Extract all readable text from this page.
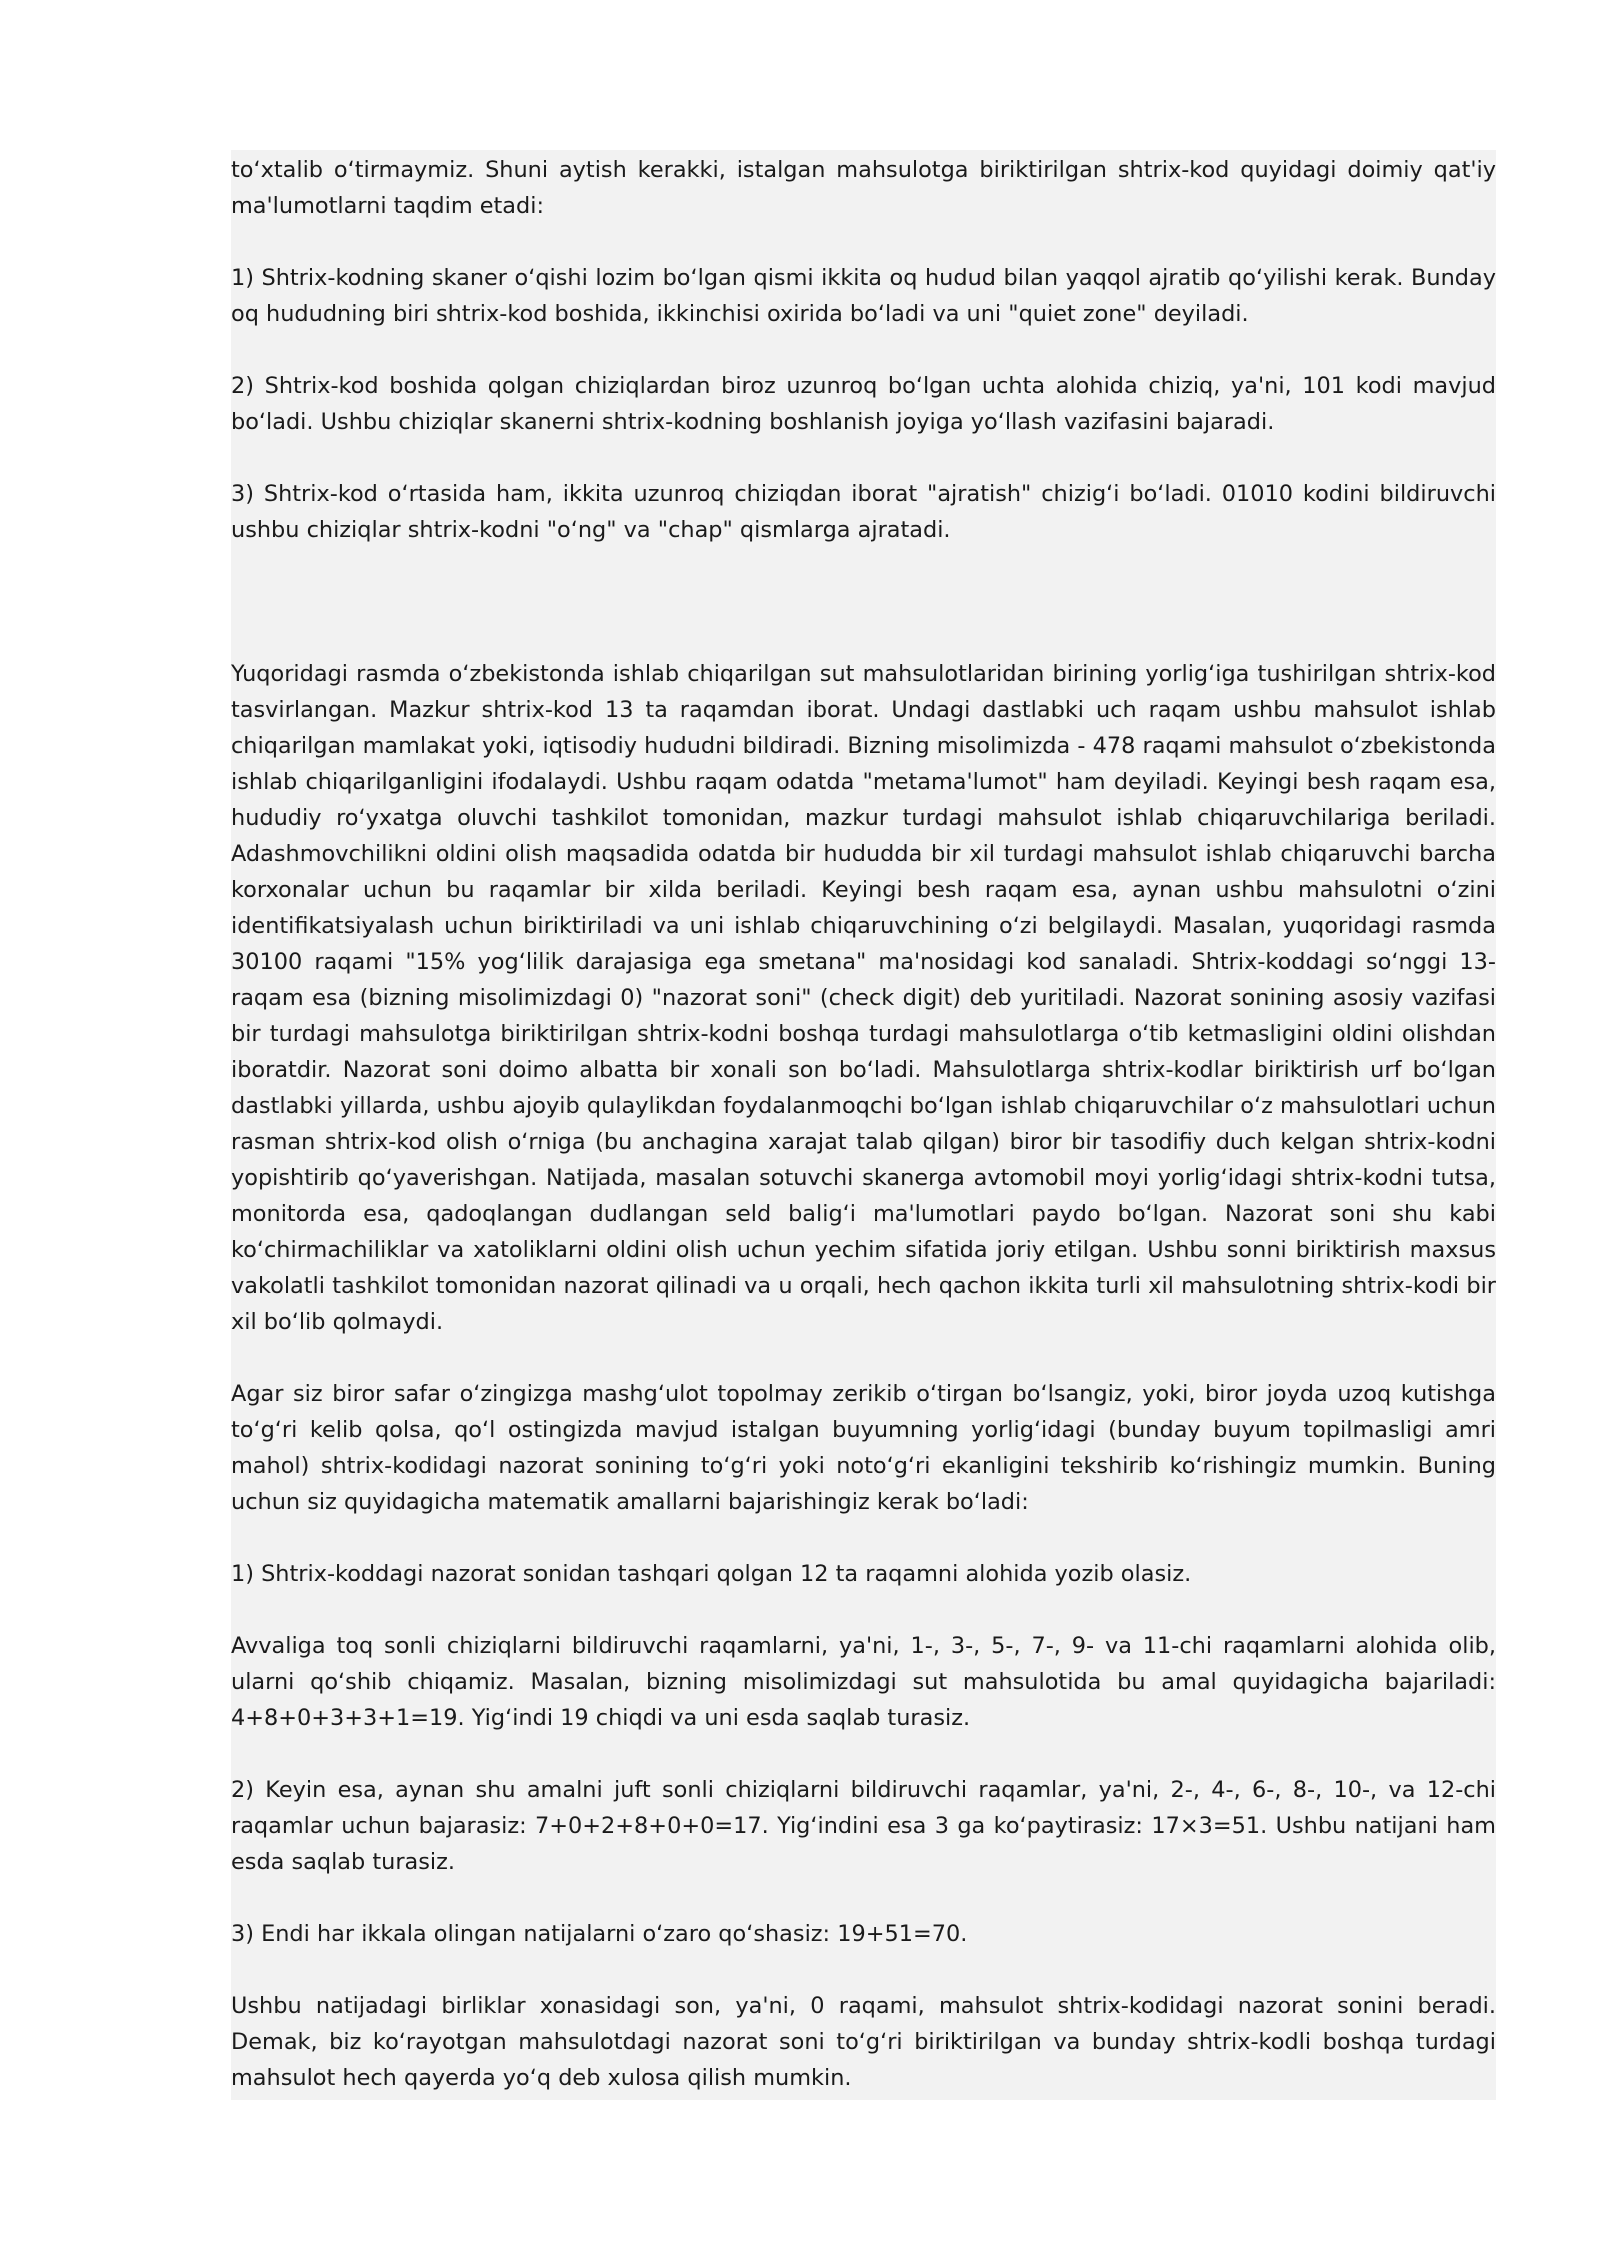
toʻxtalib oʻtirmaymiz. Shuni aytish kerakki, istalgan mahsulotga biriktirilgan shtrix-kod quyidagi doimiy qat'iy ma'lumotlarni taqdim etadi:

1) Shtrix-kodning skaner oʻqishi lozim boʻlgan qismi ikkita oq hudud bilan yaqqol ajratib qoʻyilishi kerak. Bunday oq hududning biri shtrix-kod boshida, ikkinchisi oxirida boʻladi va uni "quiet zone" deyiladi.

2) Shtrix-kod boshida qolgan chiziqlardan biroz uzunroq boʻlgan uchta alohida chiziq, ya'ni, 101 kodi mavjud boʻladi. Ushbu chiziqlar skanerni shtrix-kodning boshlanish joyiga yoʻllash vazifasini bajaradi.

3) Shtrix-kod oʻrtasida ham, ikkita uzunroq chiziqdan iborat "ajratish" chizigʻi boʻladi. 01010 kodini bildiruvchi ushbu chiziqlar shtrix-kodni "oʻng" va "chap" qismlarga ajratadi.

Yuqoridagi rasmda oʻzbekistonda ishlab chiqarilgan sut mahsulotlaridan birining yorligʻiga tushirilgan shtrix-kod tasvirlangan. Mazkur shtrix-kod 13 ta raqamdan iborat. Undagi dastlabki uch raqam ushbu mahsulot ishlab chiqarilgan mamlakat yoki, iqtisodiy hududni bildiradi. Bizning misolimizda - 478 raqami mahsulot oʻzbekistonda ishlab chiqarilganligini ifodalaydi. Ushbu raqam odatda "metama'lumot" ham deyiladi. Keyingi besh raqam esa, hududiy roʻyxatga oluvchi tashkilot tomonidan, mazkur turdagi mahsulot ishlab chiqaruvchilariga beriladi. Adashmovchilikni oldini olish maqsadida odatda bir hududda bir xil turdagi mahsulot ishlab chiqaruvchi barcha korxonalar uchun bu raqamlar bir xilda beriladi. Keyingi besh raqam esa, aynan ushbu mahsulotni oʻzini identifikatsiyalash uchun biriktiriladi va uni ishlab chiqaruvchining oʻzi belgilaydi. Masalan, yuqoridagi rasmda 30100 raqami "15% yogʻlilik darajasiga ega smetana" ma'nosidagi kod sanaladi. Shtrix-koddagi soʻnggi 13-raqam esa (bizning misolimizdagi 0) "nazorat soni" (check digit) deb yuritiladi. Nazorat sonining asosiy vazifasi bir turdagi mahsulotga biriktirilgan shtrix-kodni boshqa turdagi mahsulotlarga oʻtib ketmasligini oldini olishdan iboratdir. Nazorat soni doimo albatta bir xonali son boʻladi. Mahsulotlarga shtrix-kodlar biriktirish urf boʻlgan dastlabki yillarda, ushbu ajoyib qulaylikdan foydalanmoqchi boʻlgan ishlab chiqaruvchilar oʻz mahsulotlari uchun rasman shtrix-kod olish oʻrniga (bu anchagina xarajat talab qilgan) biror bir tasodifiy duch kelgan shtrix-kodni yopishtirib qoʻyaverishgan. Natijada, masalan sotuvchi skanerga avtomobil moyi yorligʻidagi shtrix-kodni tutsa, monitorda esa, qadoqlangan dudlangan seld baligʻi ma'lumotlari paydo boʻlgan. Nazorat soni shu kabi koʻchirmachiliklar va xatoliklarni oldini olish uchun yechim sifatida joriy etilgan. Ushbu sonni biriktirish maxsus vakolatli tashkilot tomonidan nazorat qilinadi va u orqali, hech qachon ikkita turli xil mahsulotning shtrix-kodi bir xil boʻlib qolmaydi.

Agar siz biror safar oʻzingizga mashgʻulot topolmay zerikib oʻtirgan boʻlsangiz, yoki, biror joyda uzoq kutishga toʻgʻri kelib qolsa, qoʻl ostingizda mavjud istalgan buyumning yorligʻidagi (bunday buyum topilmasligi amri mahol) shtrix-kodidagi nazorat sonining toʻgʻri yoki notoʻgʻri ekanligini tekshirib koʻrishingiz mumkin. Buning uchun siz quyidagicha matematik amallarni bajarishingiz kerak boʻladi:

1) Shtrix-koddagi nazorat sonidan tashqari qolgan 12 ta raqamni alohida yozib olasiz.

Avvaliga toq sonli chiziqlarni bildiruvchi raqamlarni, ya'ni, 1-, 3-, 5-, 7-, 9- va 11-chi raqamlarni alohida olib, ularni qoʻshib chiqamiz. Masalan, bizning misolimizdagi sut mahsulotida bu amal quyidagicha bajariladi: 4+8+0+3+3+1=19. Yigʻindi 19 chiqdi va uni esda saqlab turasiz.

2) Keyin esa, aynan shu amalni juft sonli chiziqlarni bildiruvchi raqamlar, ya'ni, 2-, 4-, 6-, 8-, 10-, va 12-chi raqamlar uchun bajarasiz: 7+0+2+8+0+0=17. Yigʻindini esa 3 ga koʻpaytirasiz: 17×3=51. Ushbu natijani ham esda saqlab turasiz.

3) Endi har ikkala olingan natijalarni oʻzaro qoʻshasiz: 19+51=70.

Ushbu natijadagi birliklar xonasidagi son, ya'ni, 0 raqami, mahsulot shtrix-kodidagi nazorat sonini beradi. Demak, biz koʻrayotgan mahsulotdagi nazorat soni toʻgʻri biriktirilgan va bunday shtrix-kodli boshqa turdagi mahsulot hech qayerda yoʻq deb xulosa qilish mumkin.
